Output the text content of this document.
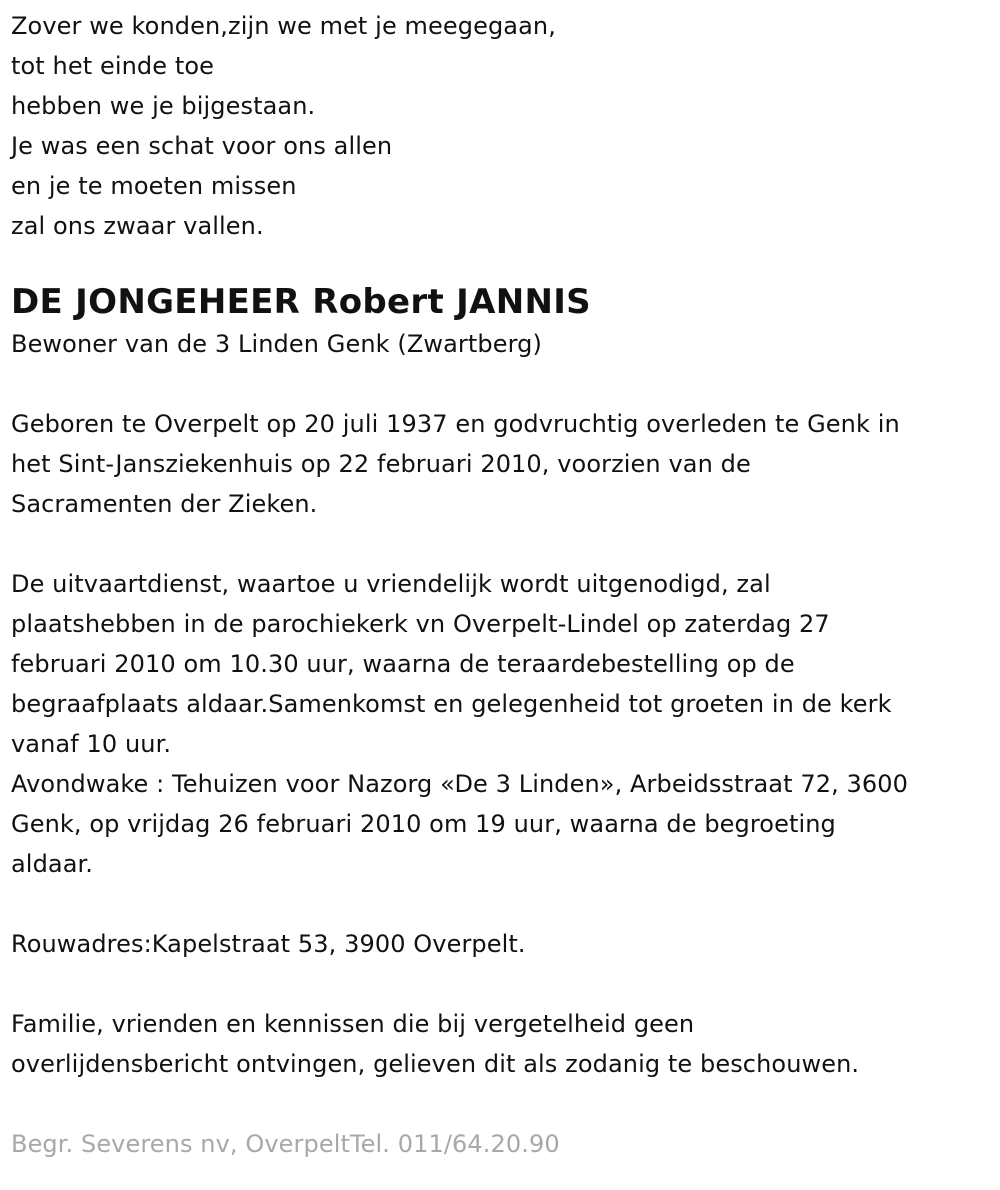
Zover we konden,zijn we met je meegegaan,
tot het einde toe
hebben we je bijgestaan.
Je was een schat voor ons allen
en je te moeten missen
zal ons zwaar vallen.
DE JONGEHEER Robert JANNIS
Bewoner van de 3 Linden Genk (Zwartberg)
Geboren te Overpelt op 20 juli 1937 en godvruchtig overleden te Genk in
het Sint-Jansziekenhuis op 22 februari 2010, voorzien van de
Sacramenten der Zieken.
De uitvaartdienst, waartoe u vriendelijk wordt uitgenodigd, zal
plaatshebben in de parochiekerk vn Overpelt-Lindel op zaterdag 27
februari 2010 om 10.30 uur, waarna de teraardebestelling op de
begraafplaats aldaar.Samenkomst en gelegenheid tot groeten in de kerk
vanaf 10 uur.
Avondwake : Tehuizen voor Nazorg «De 3 Linden», Arbeidsstraat 72, 3600
Genk, op vrijdag 26 februari 2010 om 19 uur, waarna de begroeting
aldaar.
Rouwadres:Kapelstraat 53, 3900 Overpelt.
Familie, vrienden en kennissen die bij vergetelheid geen
overlijdensbericht ontvingen, gelieven dit als zodanig te beschouwen.
Begr. Severens nv, OverpeltTel. 011/64.20.90
